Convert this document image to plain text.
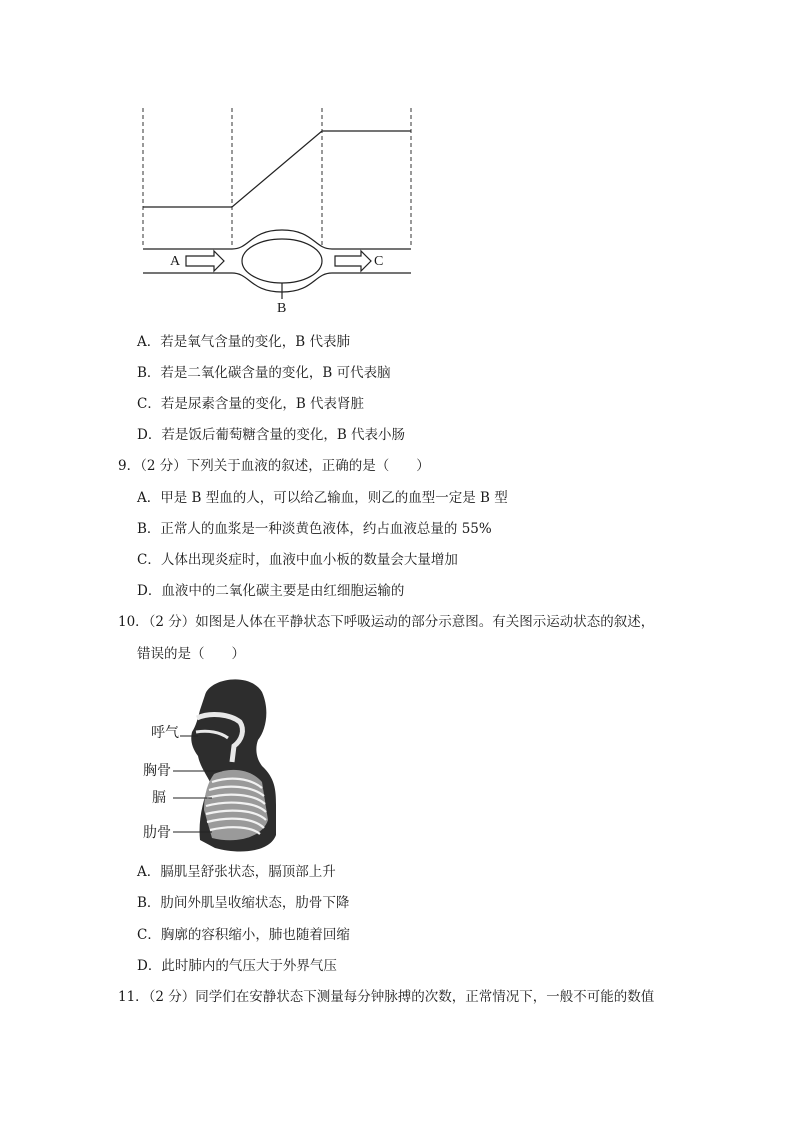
A	C
B
A．若是氧气含量的变化，B 代表肺
B．若是二氧化碳含量的变化，B 可代表脑
C．若是尿素含量的变化，B 代表肾脏
D．若是饭后葡萄糖含量的变化，B 代表小肠
9．（2 分）下列关于血液的叙述，正确的是（　　）
A．甲是 B 型血的人，可以给乙输血，则乙的血型一定是 B 型
B．正常人的血浆是一种淡黄色液体，约占血液总量的 55%
C．人体出现炎症时，血液中血小板的数量会大量增加
D．血液中的二氧化碳主要是由红细胞运输的
10．（2 分）如图是人体在平静状态下呼吸运动的部分示意图。有关图示运动状态的叙述，
错误的是（　　）
呼气
胸骨
膈
肋骨
A．膈肌呈舒张状态，膈顶部上升
B．肋间外肌呈收缩状态，肋骨下降
C．胸廓的容积缩小，肺也随着回缩
D．此时肺内的气压大于外界气压
11．（2 分）同学们在安静状态下测量每分钟脉搏的次数，正常情况下，一般不可能的数值
